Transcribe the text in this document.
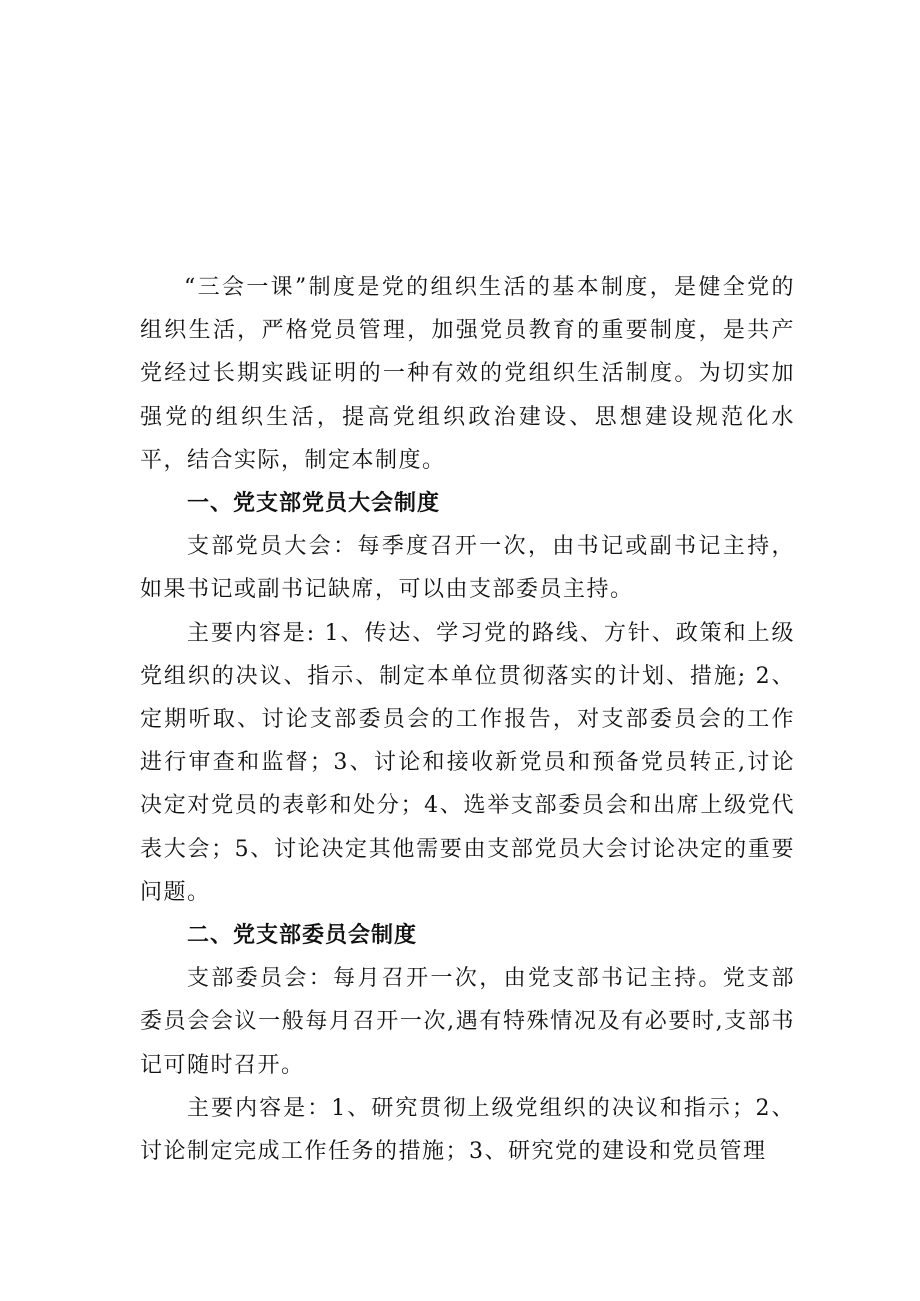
“三会一课”制度是党的组织生活的基本制度，是健全党的组织生活，严格党员管理，加强党员教育的重要制度，是共产党经过长期实践证明的一种有效的党组织生活制度。为切实加强党的组织生活，提高党组织政治建设、思想建设规范化水平，结合实际，制定本制度。

一、党支部党员大会制度

支部党员大会：每季度召开一次，由书记或副书记主持，如果书记或副书记缺席，可以由支部委员主持。

主要内容是: 1、传达、学习党的路线、方针、政策和上级党组织的决议、指示、制定本单位贯彻落实的计划、措施; 2、定期听取、讨论支部委员会的工作报告，对支部委员会的工作进行审查和监督；3、讨论和接收新党员和预备党员转正,讨论决定对党员的表彰和处分；4、选举支部委员会和出席上级党代表大会；5、讨论决定其他需要由支部党员大会讨论决定的重要问题。

二、党支部委员会制度

支部委员会：每月召开一次，由党支部书记主持。党支部委员会会议一般每月召开一次,遇有特殊情况及有必要时,支部书记可随时召开。

主要内容是：1、研究贯彻上级党组织的决议和指示；2、讨论制定完成工作任务的措施；3、研究党的建设和党员管理
